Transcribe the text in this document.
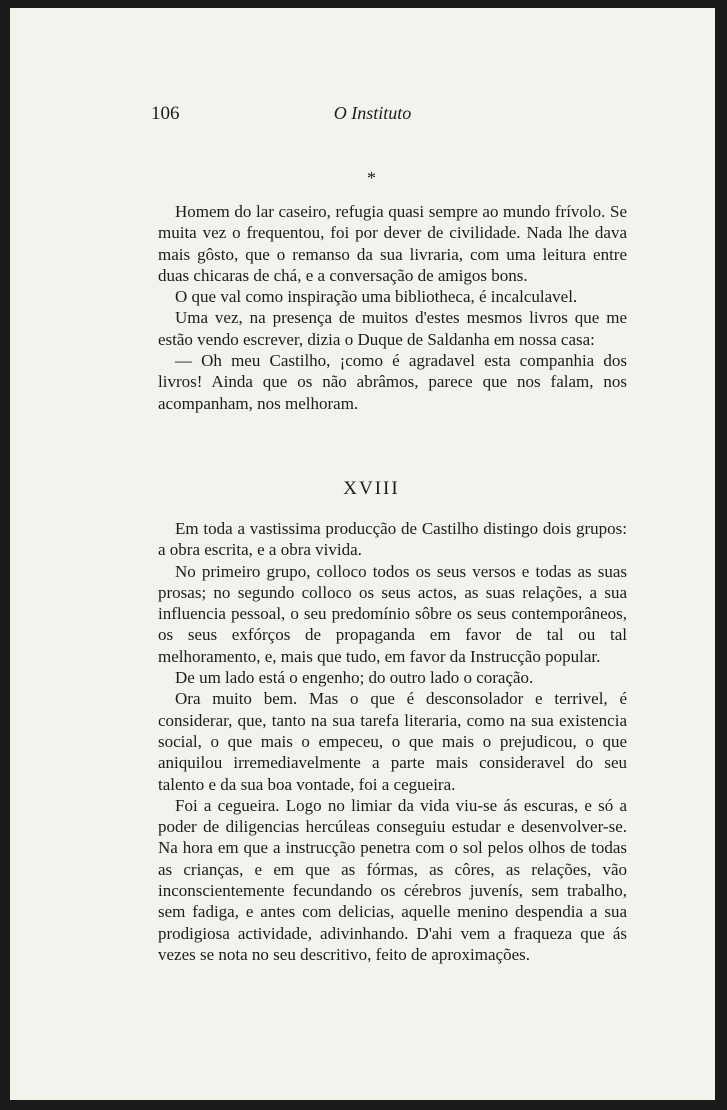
106	O Instituto
*

Homem do lar caseiro, refugia quasi sempre ao mundo frívolo. Se muita vez o frequentou, foi por dever de civilidade. Nada lhe dava mais gôsto, que o remanso da sua livraria, com uma leitura entre duas chicaras de chá, e a conversação de amigos bons.

O que val como inspiração uma bibliotheca, é incalculavel.

Uma vez, na presença de muitos d'estes mesmos livros que me estão vendo escrever, dizia o Duque de Saldanha em nossa casa:

— Oh meu Castilho, ¡como é agradavel esta companhia dos livros! Ainda que os não abrâmos, parece que nos falam, nos acompanham, nos melhoram.

XVIII

Em toda a vastissima producção de Castilho distingo dois grupos: a obra escrita, e a obra vivida.

No primeiro grupo, colloco todos os seus versos e todas as suas prosas; no segundo colloco os seus actos, as suas relações, a sua influencia pessoal, o seu predomínio sôbre os seus contemporâneos, os seus exfórços de propaganda em favor de tal ou tal melhoramento, e, mais que tudo, em favor da Instrucção popular.

De um lado está o engenho; do outro lado o coração.

Ora muito bem. Mas o que é desconsolador e terrivel, é considerar, que, tanto na sua tarefa literaria, como na sua existencia social, o que mais o empeceu, o que mais o prejudicou, o que aniquilou irremediavelmente a parte mais consideravel do seu talento e da sua boa vontade, foi a cegueira.

Foi a cegueira. Logo no limiar da vida viu-se ás escuras, e só a poder de diligencias hercúleas conseguiu estudar e desenvolver-se. Na hora em que a instrucção penetra com o sol pelos olhos de todas as crianças, e em que as fórmas, as côres, as relações, vão inconscientemente fecundando os cérebros juvenís, sem trabalho, sem fadiga, e antes com delicias, aquelle menino despendia a sua prodigiosa actividade, adivinhando. D'ahi vem a fraqueza que ás vezes se nota no seu descritivo, feito de aproximações.
